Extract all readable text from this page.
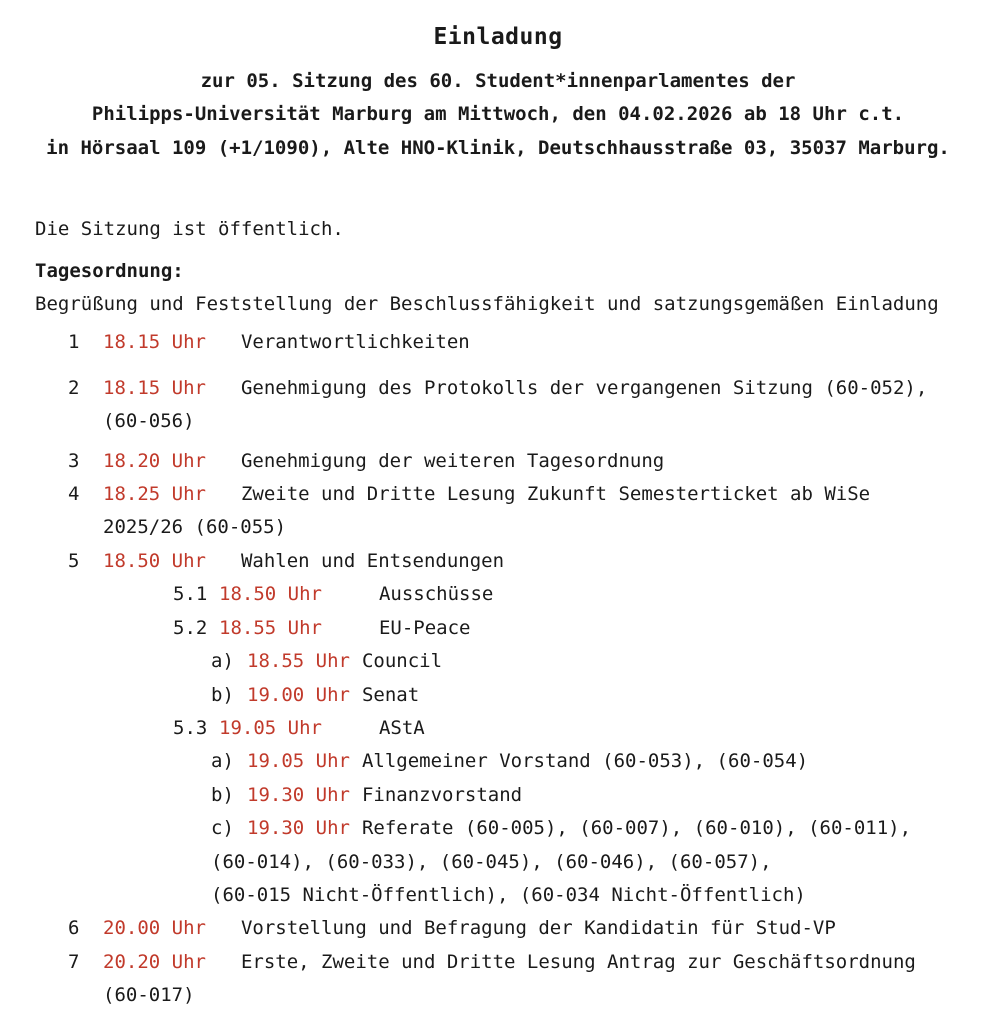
Einladung
zur 05. Sitzung des 60. Student*innenparlamentes der
Philipps-Universität Marburg am Mittwoch, den 04.02.2026 ab 18 Uhr c.t.
in Hörsaal 109 (+1/1090), Alte HNO-Klinik, Deutschhausstraße 03, 35037 Marburg.
Die Sitzung ist öffentlich.
Tagesordnung:
Begrüßung und Feststellung der Beschlussfähigkeit und satzungsgemäßen Einladung
1 18.15 Uhr Verantwortlichkeiten
2 18.15 Uhr Genehmigung des Protokolls der vergangenen Sitzung (60-052),
(60-056)
3 18.20 Uhr Genehmigung der weiteren Tagesordnung
4 18.25 Uhr Zweite und Dritte Lesung Zukunft Semesterticket ab WiSe
2025/26 (60-055)
5 18.50 Uhr Wahlen und Entsendungen
5.1 18.50 Uhr	Ausschüsse
5.2 18.55 Uhr	EU-Peace
a) 18.55 Uhr Council
b) 19.00 Uhr Senat
5.3 19.05 Uhr	AStA
a) 19.05 Uhr Allgemeiner Vorstand (60-053), (60-054)
b) 19.30 Uhr Finanzvorstand
c) 19.30 Uhr Referate (60-005), (60-007), (60-010), (60-011),
(60-014), (60-033), (60-045), (60-046), (60-057),
(60-015 Nicht-Öffentlich), (60-034 Nicht-Öffentlich)
6 20.00 Uhr Vorstellung und Befragung der Kandidatin für Stud-VP
7 20.20 Uhr Erste, Zweite und Dritte Lesung Antrag zur Geschäftsordnung
(60-017)
